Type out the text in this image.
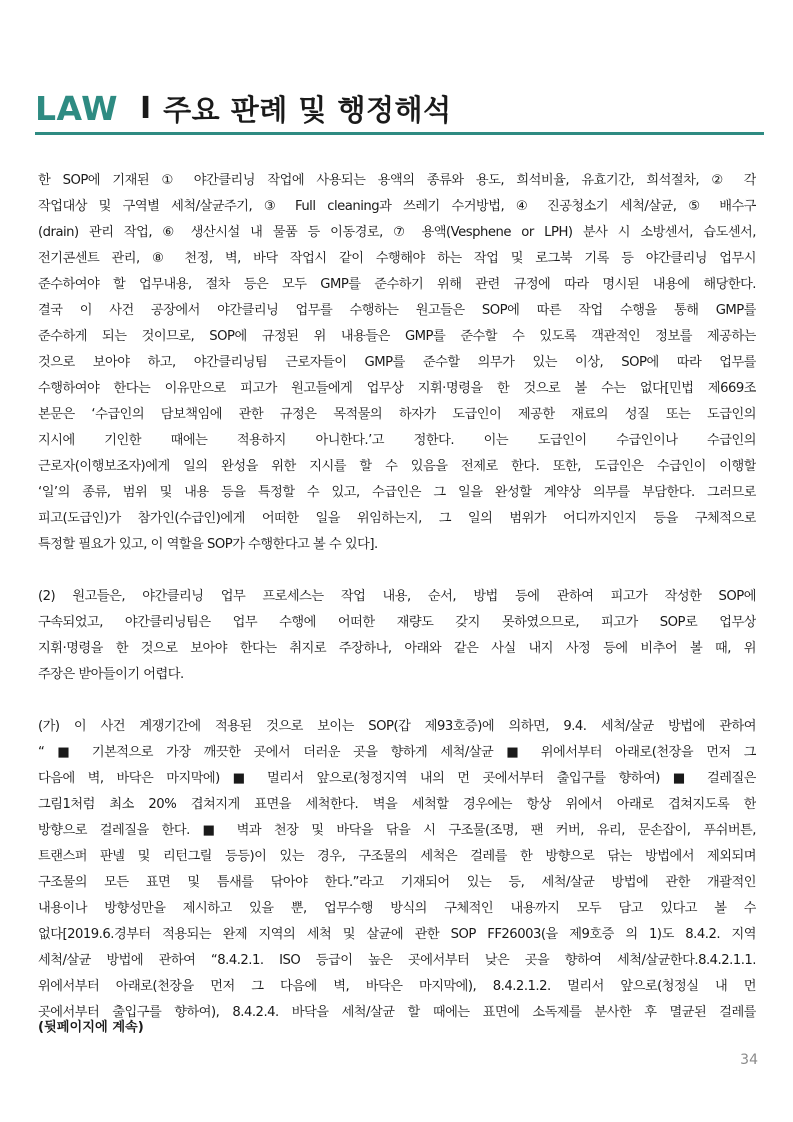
LAW I 주요 판례 및 행정해석

한 SOP에 기재된 ① 야간클리닝 작업에 사용되는 용액의 종류와 용도, 희석비율, 유효기간, 희석절차, ② 각

작업대상 및 구역별 세척/살균주기, ③ Full cleaning과 쓰레기 수거방법, ④ 진공청소기 세척/살균, ⑤ 배수구

(drain) 관리 작업, ⑥ 생산시설 내 물품 등 이동경로, ⑦ 용액(Vesphene or LPH) 분사 시 소방센서, 습도센서,

전기콘센트 관리, ⑧ 천정, 벽, 바닥 작업시 같이 수행해야 하는 작업 및 로그북 기록 등 야간클리닝 업무시

준수하여야 할 업무내용, 절차 등은 모두 GMP를 준수하기 위해 관련 규정에 따라 명시된 내용에 해당한다.

결국 이 사건 공장에서 야간클리닝 업무를 수행하는 원고들은 SOP에 따른 작업 수행을 통해 GMP를

준수하게 되는 것이므로, SOP에 규정된 위 내용들은 GMP를 준수할 수 있도록 객관적인 정보를 제공하는

것으로 보아야 하고, 야간클리닝팀 근로자들이 GMP를 준수할 의무가 있는 이상, SOP에 따라 업무를

수행하여야 한다는 이유만으로 피고가 원고들에게 업무상 지휘·명령을 한 것으로 볼 수는 없다[민법 제669조

본문은 ‘수급인의 담보책임에 관한 규정은 목적물의 하자가 도급인이 제공한 재료의 성질 또는 도급인의

지시에 기인한 때에는 적용하지 아니한다.’고 정한다. 이는 도급인이 수급인이나 수급인의

근로자(이행보조자)에게 일의 완성을 위한 지시를 할 수 있음을 전제로 한다. 또한, 도급인은 수급인이 이행할

‘일’의 종류, 범위 및 내용 등을 특정할 수 있고, 수급인은 그 일을 완성할 계약상 의무를 부담한다. 그러므로

피고(도급인)가 참가인(수급인)에게 어떠한 일을 위임하는지, 그 일의 범위가 어디까지인지 등을 구체적으로

특정할 필요가 있고, 이 역할을 SOP가 수행한다고 볼 수 있다].

(2) 원고들은, 야간클리닝 업무 프로세스는 작업 내용, 순서, 방법 등에 관하여 피고가 작성한 SOP에

구속되었고, 야간클리닝팀은 업무 수행에 어떠한 재량도 갖지 못하였으므로, 피고가 SOP로 업무상

지휘·명령을 한 것으로 보아야 한다는 취지로 주장하나, 아래와 같은 사실 내지 사정 등에 비추어 볼 때, 위

주장은 받아들이기 어렵다.

(가) 이 사건 계쟁기간에 적용된 것으로 보이는 SOP(갑 제93호증)에 의하면, 9.4. 세척/살균 방법에 관하여

“ ■ 기본적으로 가장 깨끗한 곳에서 더러운 곳을 향하게 세척/살균 ■ 위에서부터 아래로(천장을 먼저 그

다음에 벽, 바닥은 마지막에) ■ 멀리서 앞으로(청정지역 내의 먼 곳에서부터 출입구를 향하여) ■ 걸레질은

그림1처럼 최소 20% 겹쳐지게 표면을 세척한다. 벽을 세척할 경우에는 항상 위에서 아래로 겹쳐지도록 한

방향으로 걸레질을 한다. ■ 벽과 천장 및 바닥을 닦을 시 구조물(조명, 팬 커버, 유리, 문손잡이, 푸쉬버튼,

트랜스퍼 판넬 및 리턴그릴 등등)이 있는 경우, 구조물의 세척은 걸레를 한 방향으로 닦는 방법에서 제외되며

구조물의 모든 표면 및 틈새를 닦아야 한다.”라고 기재되어 있는 등, 세척/살균 방법에 관한 개괄적인

내용이나 방향성만을 제시하고 있을 뿐, 업무수행 방식의 구체적인 내용까지 모두 담고 있다고 볼 수

없다[2019.6.경부터 적용되는 완제 지역의 세척 및 살균에 관한 SOP FF26003(을 제9호증 의 1)도 8.4.2. 지역

세척/살균 방법에 관하여 “8.4.2.1. ISO 등급이 높은 곳에서부터 낮은 곳을 향하여 세척/살균한다.8.4.2.1.1.

위에서부터 아래로(천장을 먼저 그 다음에 벽, 바닥은 마지막에), 8.4.2.1.2. 멀리서 앞으로(청정실 내 먼

곳에서부터 출입구를 향하여), 8.4.2.4. 바닥을 세척/살균 할 때에는 표면에 소독제를 분사한 후 멸균된 걸레를

(뒷페이지에 계속)
34
